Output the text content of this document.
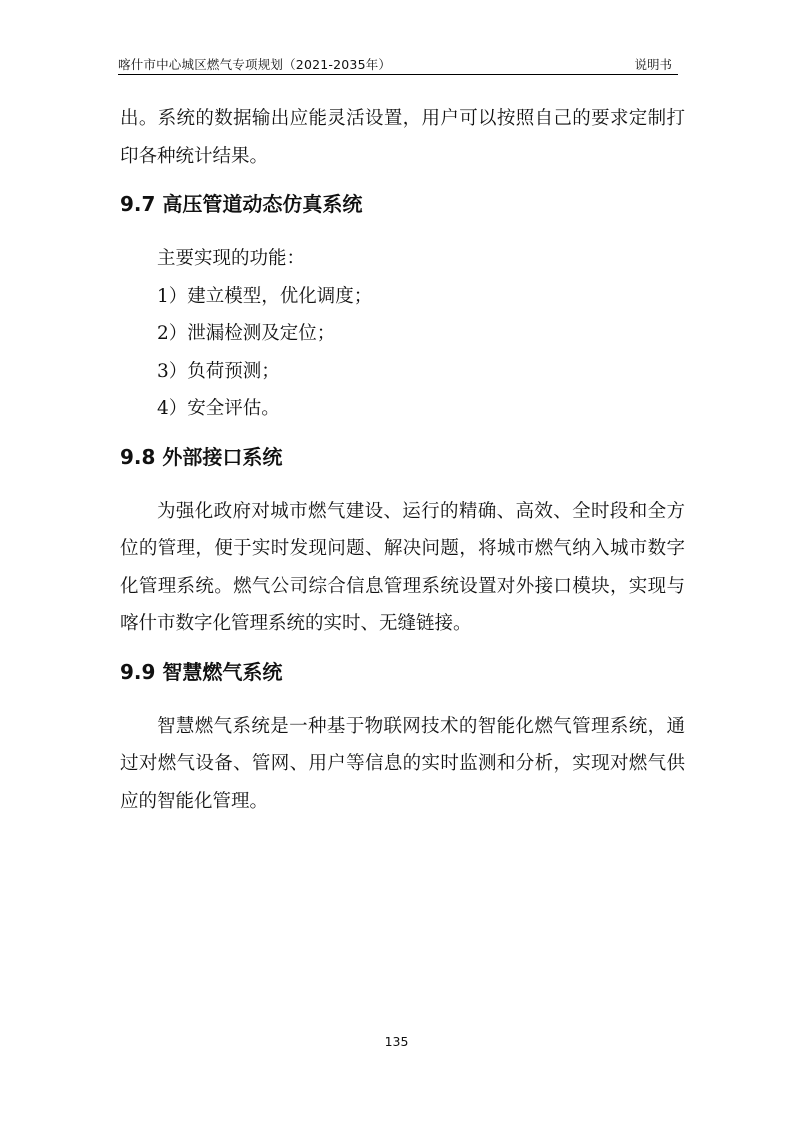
喀什市中心城区燃气专项规划（2021-2035年）	说明书

出。系统的数据输出应能灵活设置，用户可以按照自己的要求定制打印各种统计结果。

9.7 高压管道动态仿真系统

主要实现的功能：

1）建立模型，优化调度；

2）泄漏检测及定位；

3）负荷预测；

4）安全评估。

9.8 外部接口系统

为强化政府对城市燃气建设、运行的精确、高效、全时段和全方位的管理，便于实时发现问题、解决问题，将城市燃气纳入城市数字化管理系统。燃气公司综合信息管理系统设置对外接口模块，实现与喀什市数字化管理系统的实时、无缝链接。

9.9 智慧燃气系统

智慧燃气系统是一种基于物联网技术的智能化燃气管理系统，通过对燃气设备、管网、用户等信息的实时监测和分析，实现对燃气供应的智能化管理。

135
